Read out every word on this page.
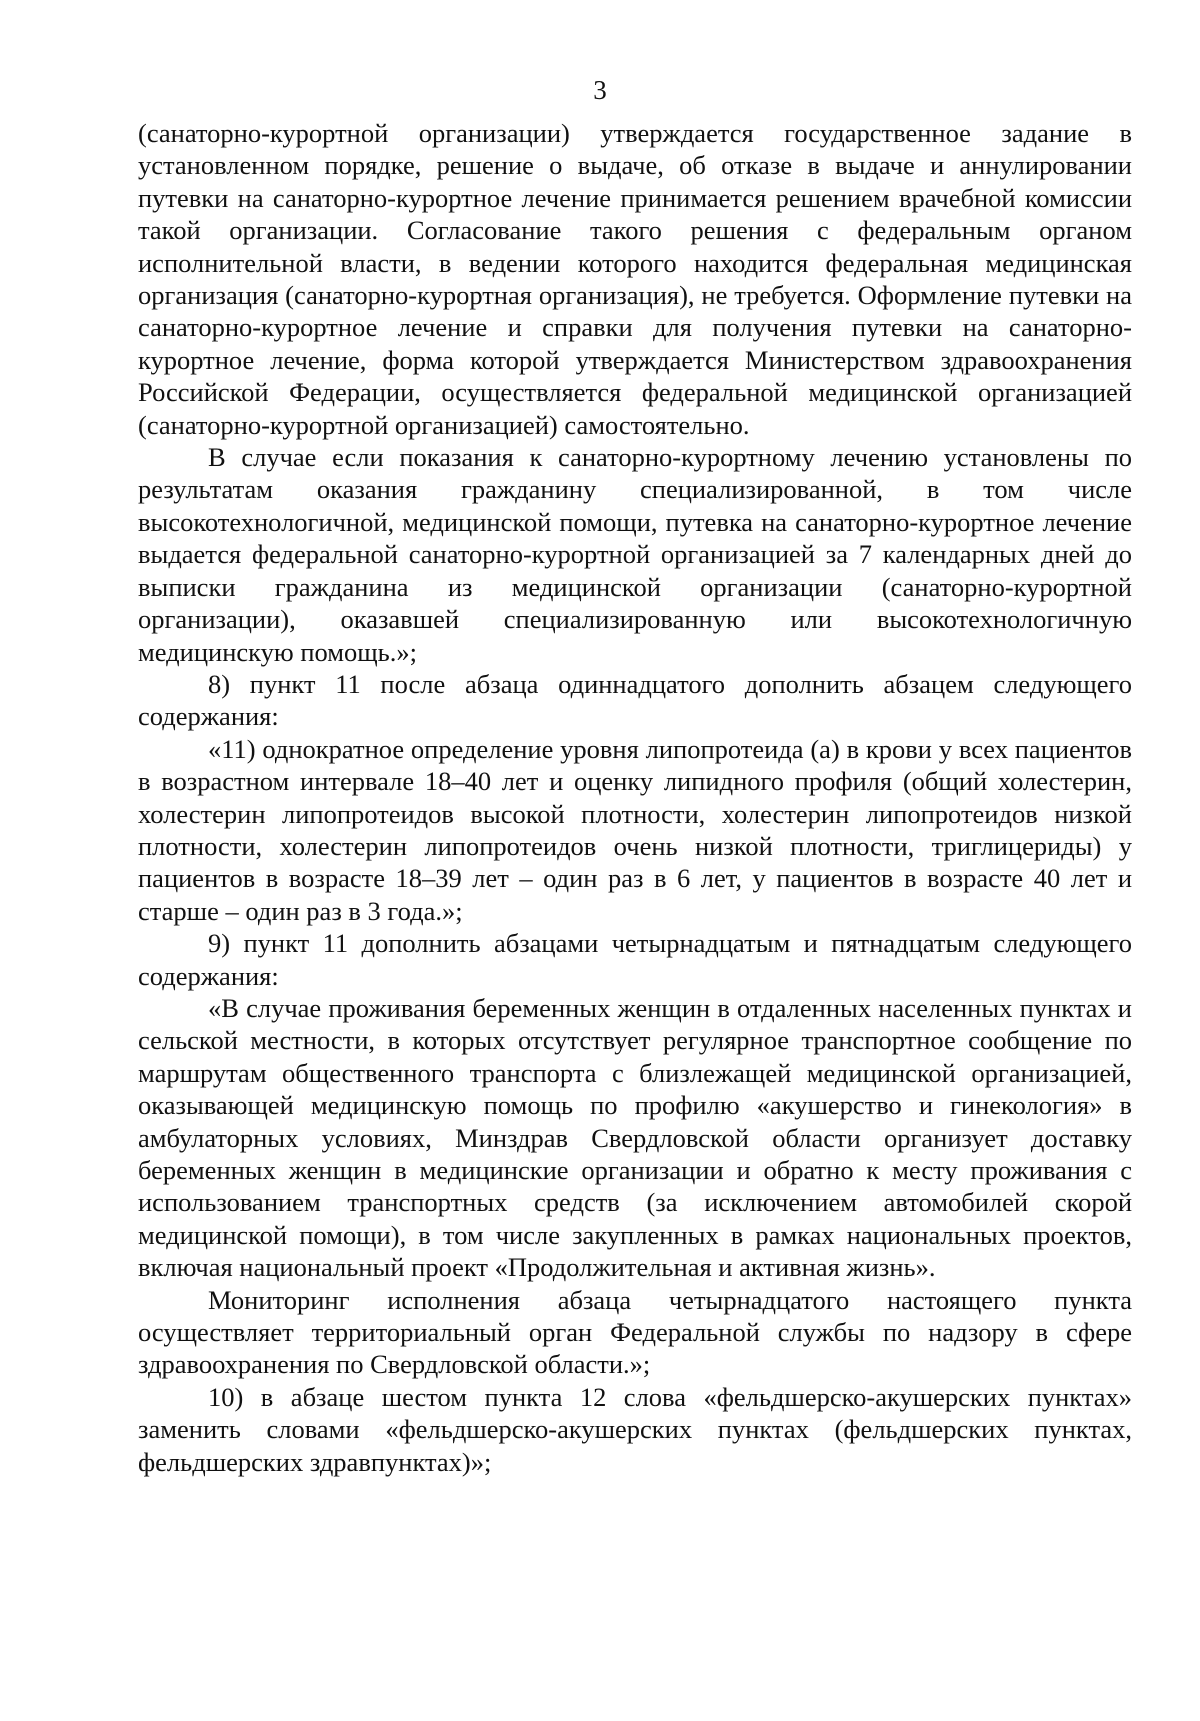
3

(санаторно-курортной организации) утверждается государственное задание в установленном порядке, решение о выдаче, об отказе в выдаче и аннулировании путевки на санаторно-курортное лечение принимается решением врачебной комиссии такой организации. Согласование такого решения с федеральным органом исполнительной власти, в ведении которого находится федеральная медицинская организация (санаторно-курортная организация), не требуется. Оформление путевки на санаторно-курортное лечение и справки для получения путевки на санаторно-курортное лечение, форма которой утверждается Министерством здравоохранения Российской Федерации, осуществляется федеральной медицинской организацией (санаторно-курортной организацией) самостоятельно.

В случае если показания к санаторно-курортному лечению установлены по результатам оказания гражданину специализированной, в том числе высокотехнологичной, медицинской помощи, путевка на санаторно-курортное лечение выдается федеральной санаторно-курортной организацией за 7 календарных дней до выписки гражданина из медицинской организации (санаторно-курортной организации), оказавшей специализированную или высокотехнологичную медицинскую помощь.»;

8) пункт 11 после абзаца одиннадцатого дополнить абзацем следующего содержания:

«11) однократное определение уровня липопротеида (а) в крови у всех пациентов в возрастном интервале 18–40 лет и оценку липидного профиля (общий холестерин, холестерин липопротеидов высокой плотности, холестерин липопротеидов низкой плотности, холестерин липопротеидов очень низкой плотности, триглицериды) у пациентов в возрасте 18–39 лет – один раз в 6 лет, у пациентов в возрасте 40 лет и старше – один раз в 3 года.»;

9) пункт 11 дополнить абзацами четырнадцатым и пятнадцатым следующего содержания:

«В случае проживания беременных женщин в отдаленных населенных пунктах и сельской местности, в которых отсутствует регулярное транспортное сообщение по маршрутам общественного транспорта с близлежащей медицинской организацией, оказывающей медицинскую помощь по профилю «акушерство и гинекология» в амбулаторных условиях, Минздрав Свердловской области организует доставку беременных женщин в медицинские организации и обратно к месту проживания с использованием транспортных средств (за исключением автомобилей скорой медицинской помощи), в том числе закупленных в рамках национальных проектов, включая национальный проект «Продолжительная и активная жизнь».

Мониторинг исполнения абзаца четырнадцатого настоящего пункта осуществляет территориальный орган Федеральной службы по надзору в сфере здравоохранения по Свердловской области.»;

10) в абзаце шестом пункта 12 слова «фельдшерско-акушерских пунктах» заменить словами «фельдшерско-акушерских пунктах (фельдшерских пунктах, фельдшерских здравпунктах)»;
